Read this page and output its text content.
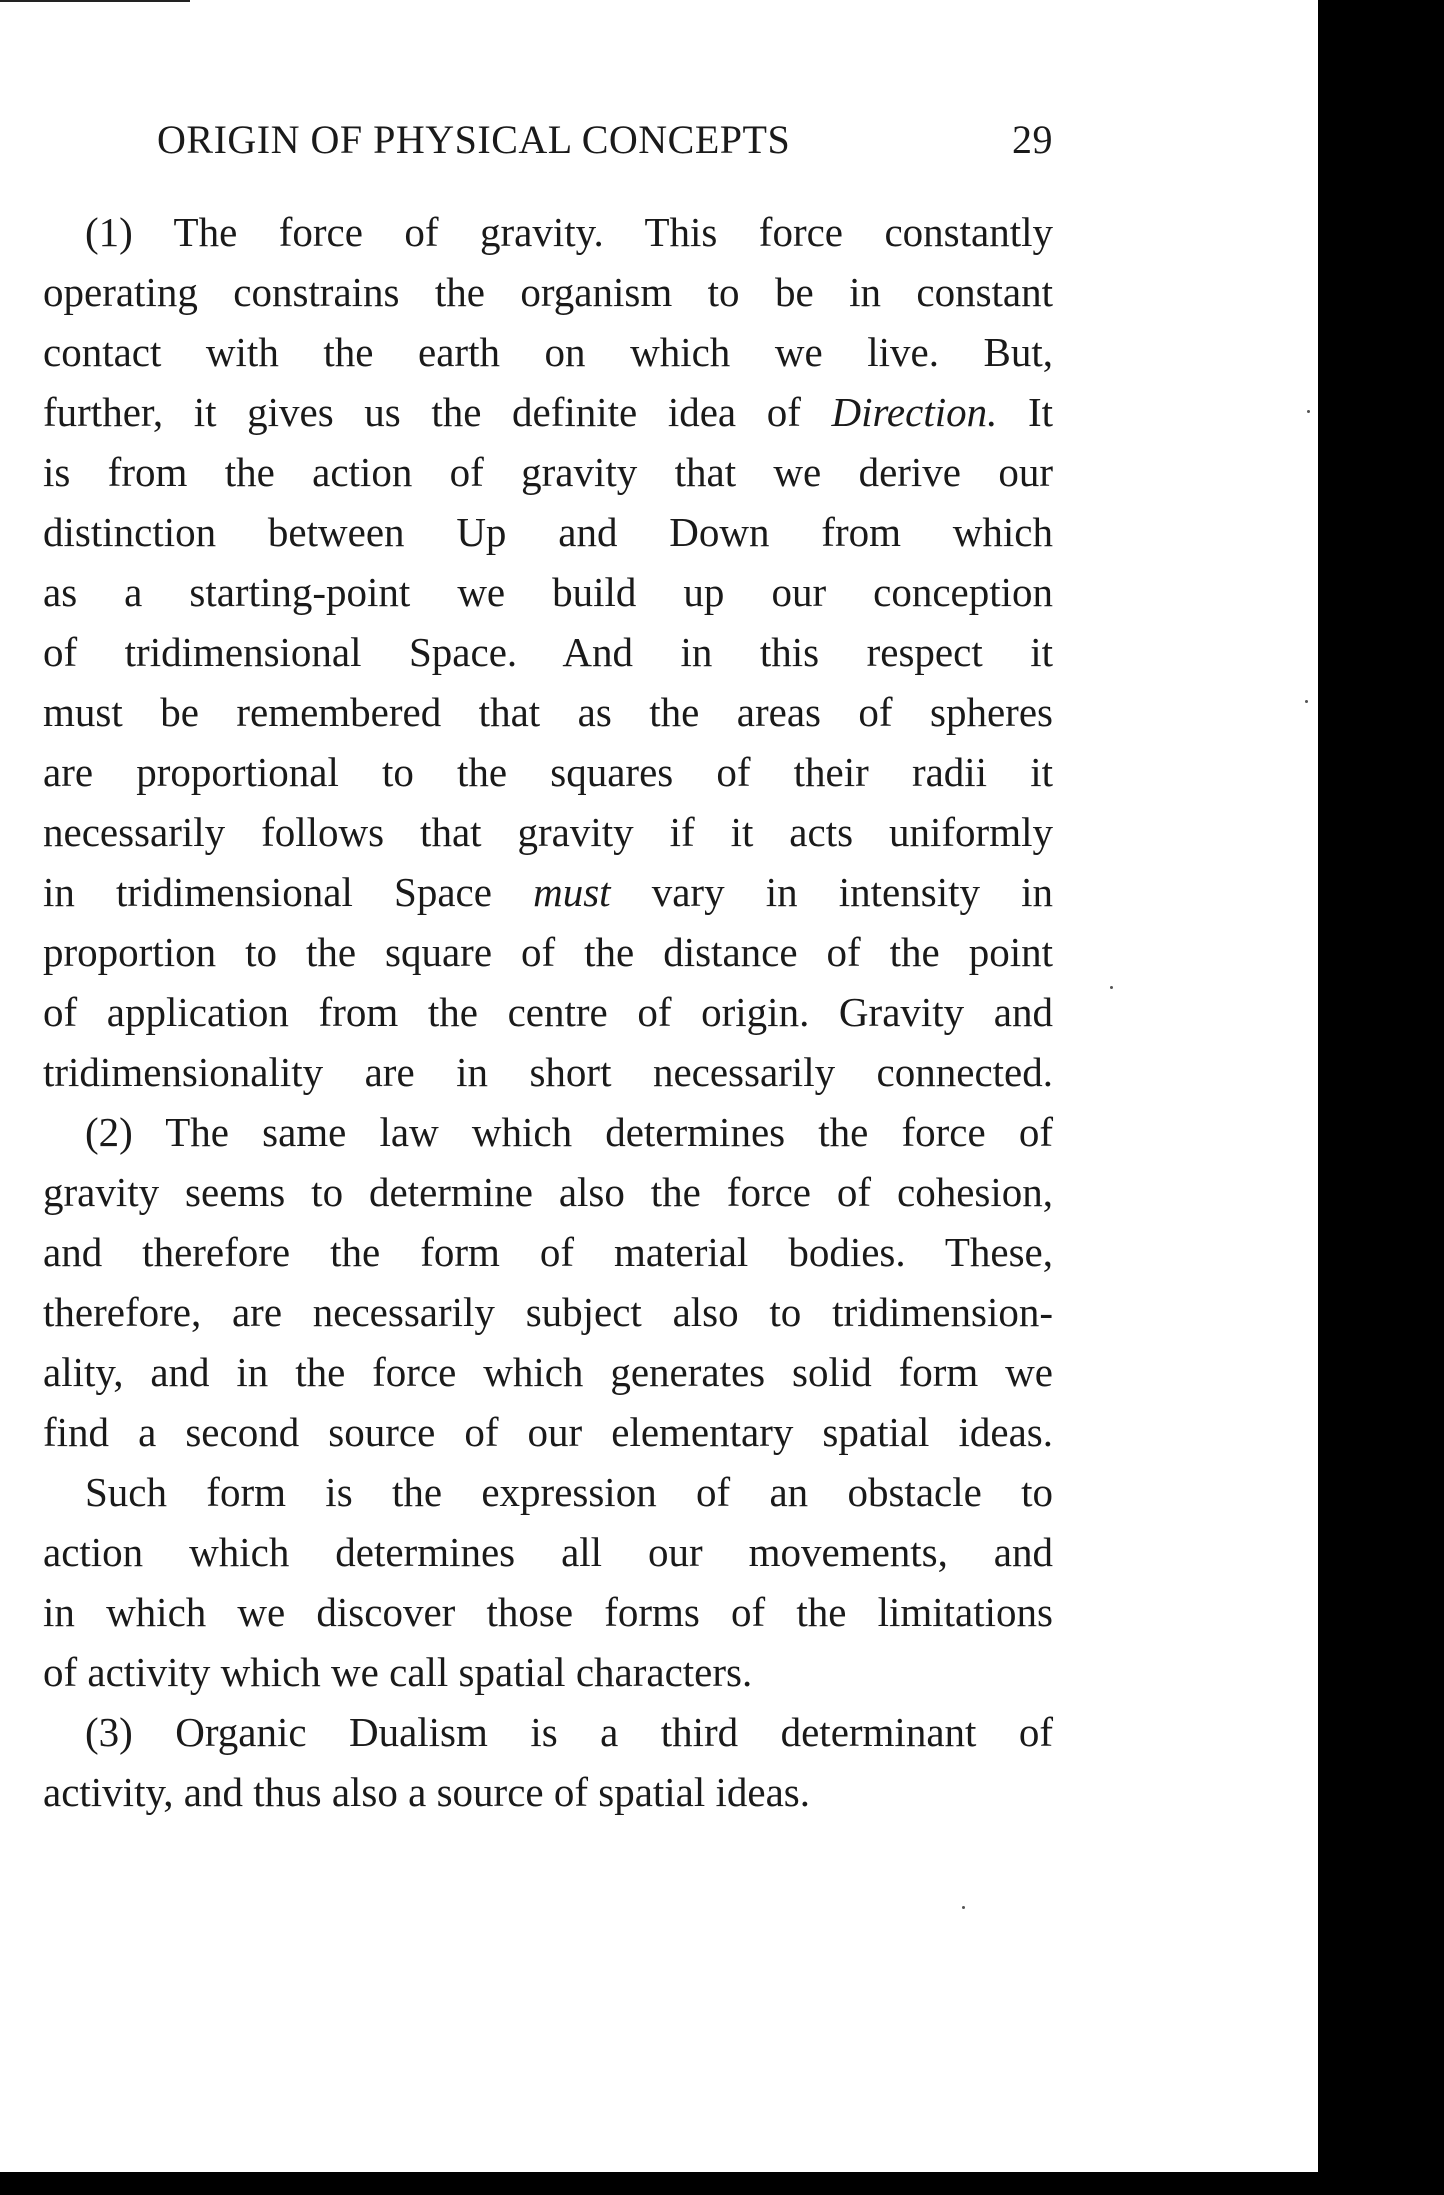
ORIGIN OF PHYSICAL CONCEPTS	29
(1) The force of gravity. This force constantly
operating constrains the organism to be in constant
contact with the earth on which we live. But,
further, it gives us the definite idea of Direction. It
is from the action of gravity that we derive our
distinction between Up and Down from which
as a starting-point we build up our conception
of tridimensional Space. And in this respect it
must be remembered that as the areas of spheres
are proportional to the squares of their radii it
necessarily follows that gravity if it acts uniformly
in tridimensional Space must vary in intensity in
proportion to the square of the distance of the point
of application from the centre of origin. Gravity and
tridimensionality are in short necessarily connected.
(2) The same law which determines the force of
gravity seems to determine also the force of cohesion,
and therefore the form of material bodies. These,
therefore, are necessarily subject also to tridimension-
ality, and in the force which generates solid form we
find a second source of our elementary spatial ideas.
Such form is the expression of an obstacle to
action which determines all our movements, and
in which we discover those forms of the limitations
of activity which we call spatial characters.
(3) Organic Dualism is a third determinant of
activity, and thus also a source of spatial ideas.
